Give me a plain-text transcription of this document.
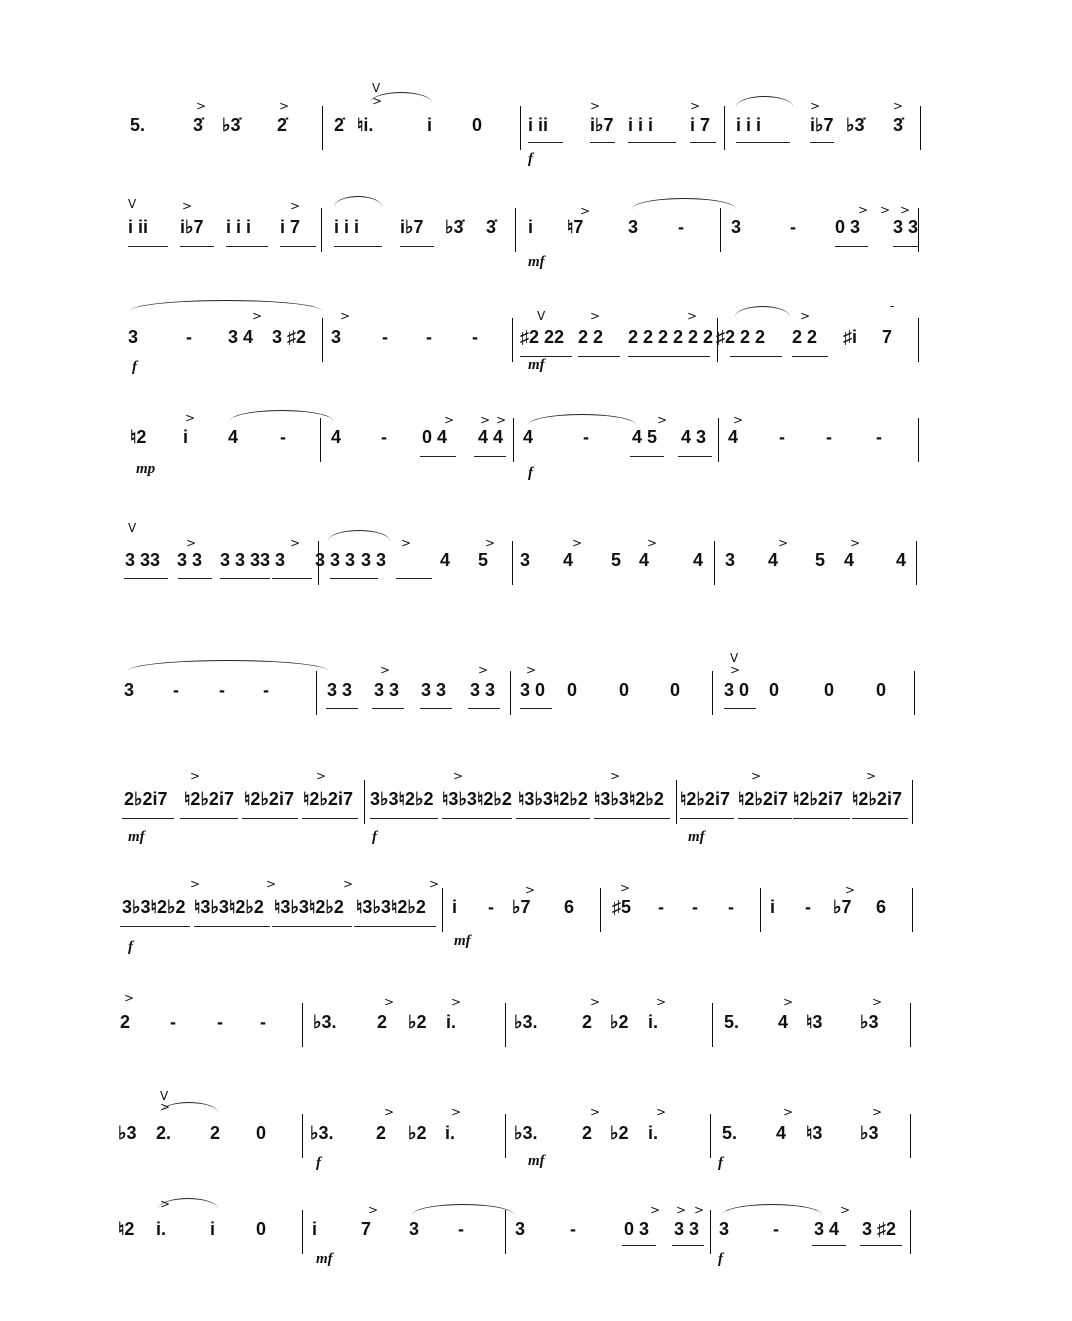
5.	3̇ ♭3̇ 2̇	2̇ ♮i.	i 0	i ii i♭7 i i i i 7 i i i	i♭7 ♭3̇ 3̇
f
>	>
V
>	>	>	>	>
i ii i♭7 i i i i 7 i i i i♭7 ♭3̇ 3̇ i ♮7 3 -	3	- 0 3 3 3
mf
V	>	>	>	> > >
3	- 3 4 3 ♯2 3 - - - ♯2 22 2 2 2 2 2 2 2 2 ♯2 2 2 2 2 ♯i 7
f	mf
>	>	V	>	>	>
-
♮2 i 4 -	4 - 0 4 4 4 4	- 4 5 4 3 4 - - -
mp	f
>	> > >	>	>
3 33 3 3 3 3 3 3 3 3 3 3 3 3	4 5 3 4 5 4 4 3 4 5 4 4
V
>	>	>	>	>	>	>	>
3 - - -	3 3 3 3 3 3 3 3 3 0 0 0 0 3 0 0 0 0
>	>	>
V
>
2♭2i7 ♮2♭2i7 ♮2♭2i7 ♮2♭2i7 3♭3♮2♭2 ♮3♭3♮2♭2 ♮3♭3♮2♭2 ♮3♭3♮2♭2 ♮2♭2i7 ♮2♭2i7 ♮2♭2i7 ♮2♭2i7
mf	f	mf
>	>	>	>	>	>
3♭3♮2♭2 ♮3♭3♮2♭2 ♮3♭3♮2♭2 ♮3♭3♮2♭2 i - ♭7 6 ♯5 - - - i - ♭7 6
f	mf
>	>	>	>	>	>	>
2 - - -	♭3. 2 ♭2 i.	♭3. 2 ♭2 i.	5. 4 ♮3 ♭3
>	>	>	>	>	>	>
♭3 2. 2 0 ♭3. 2 ♭2 i.	♭3. 2 ♭2 i.	5. 4 ♮3 ♭3
f	mf	f
V
>	>	>	>	>	>	>
♮2 i. i 0	i 7 3 -	3 -	0 3 3 3 3 - 3 4 3 ♯2
mf	f
>	>	> > >	>
